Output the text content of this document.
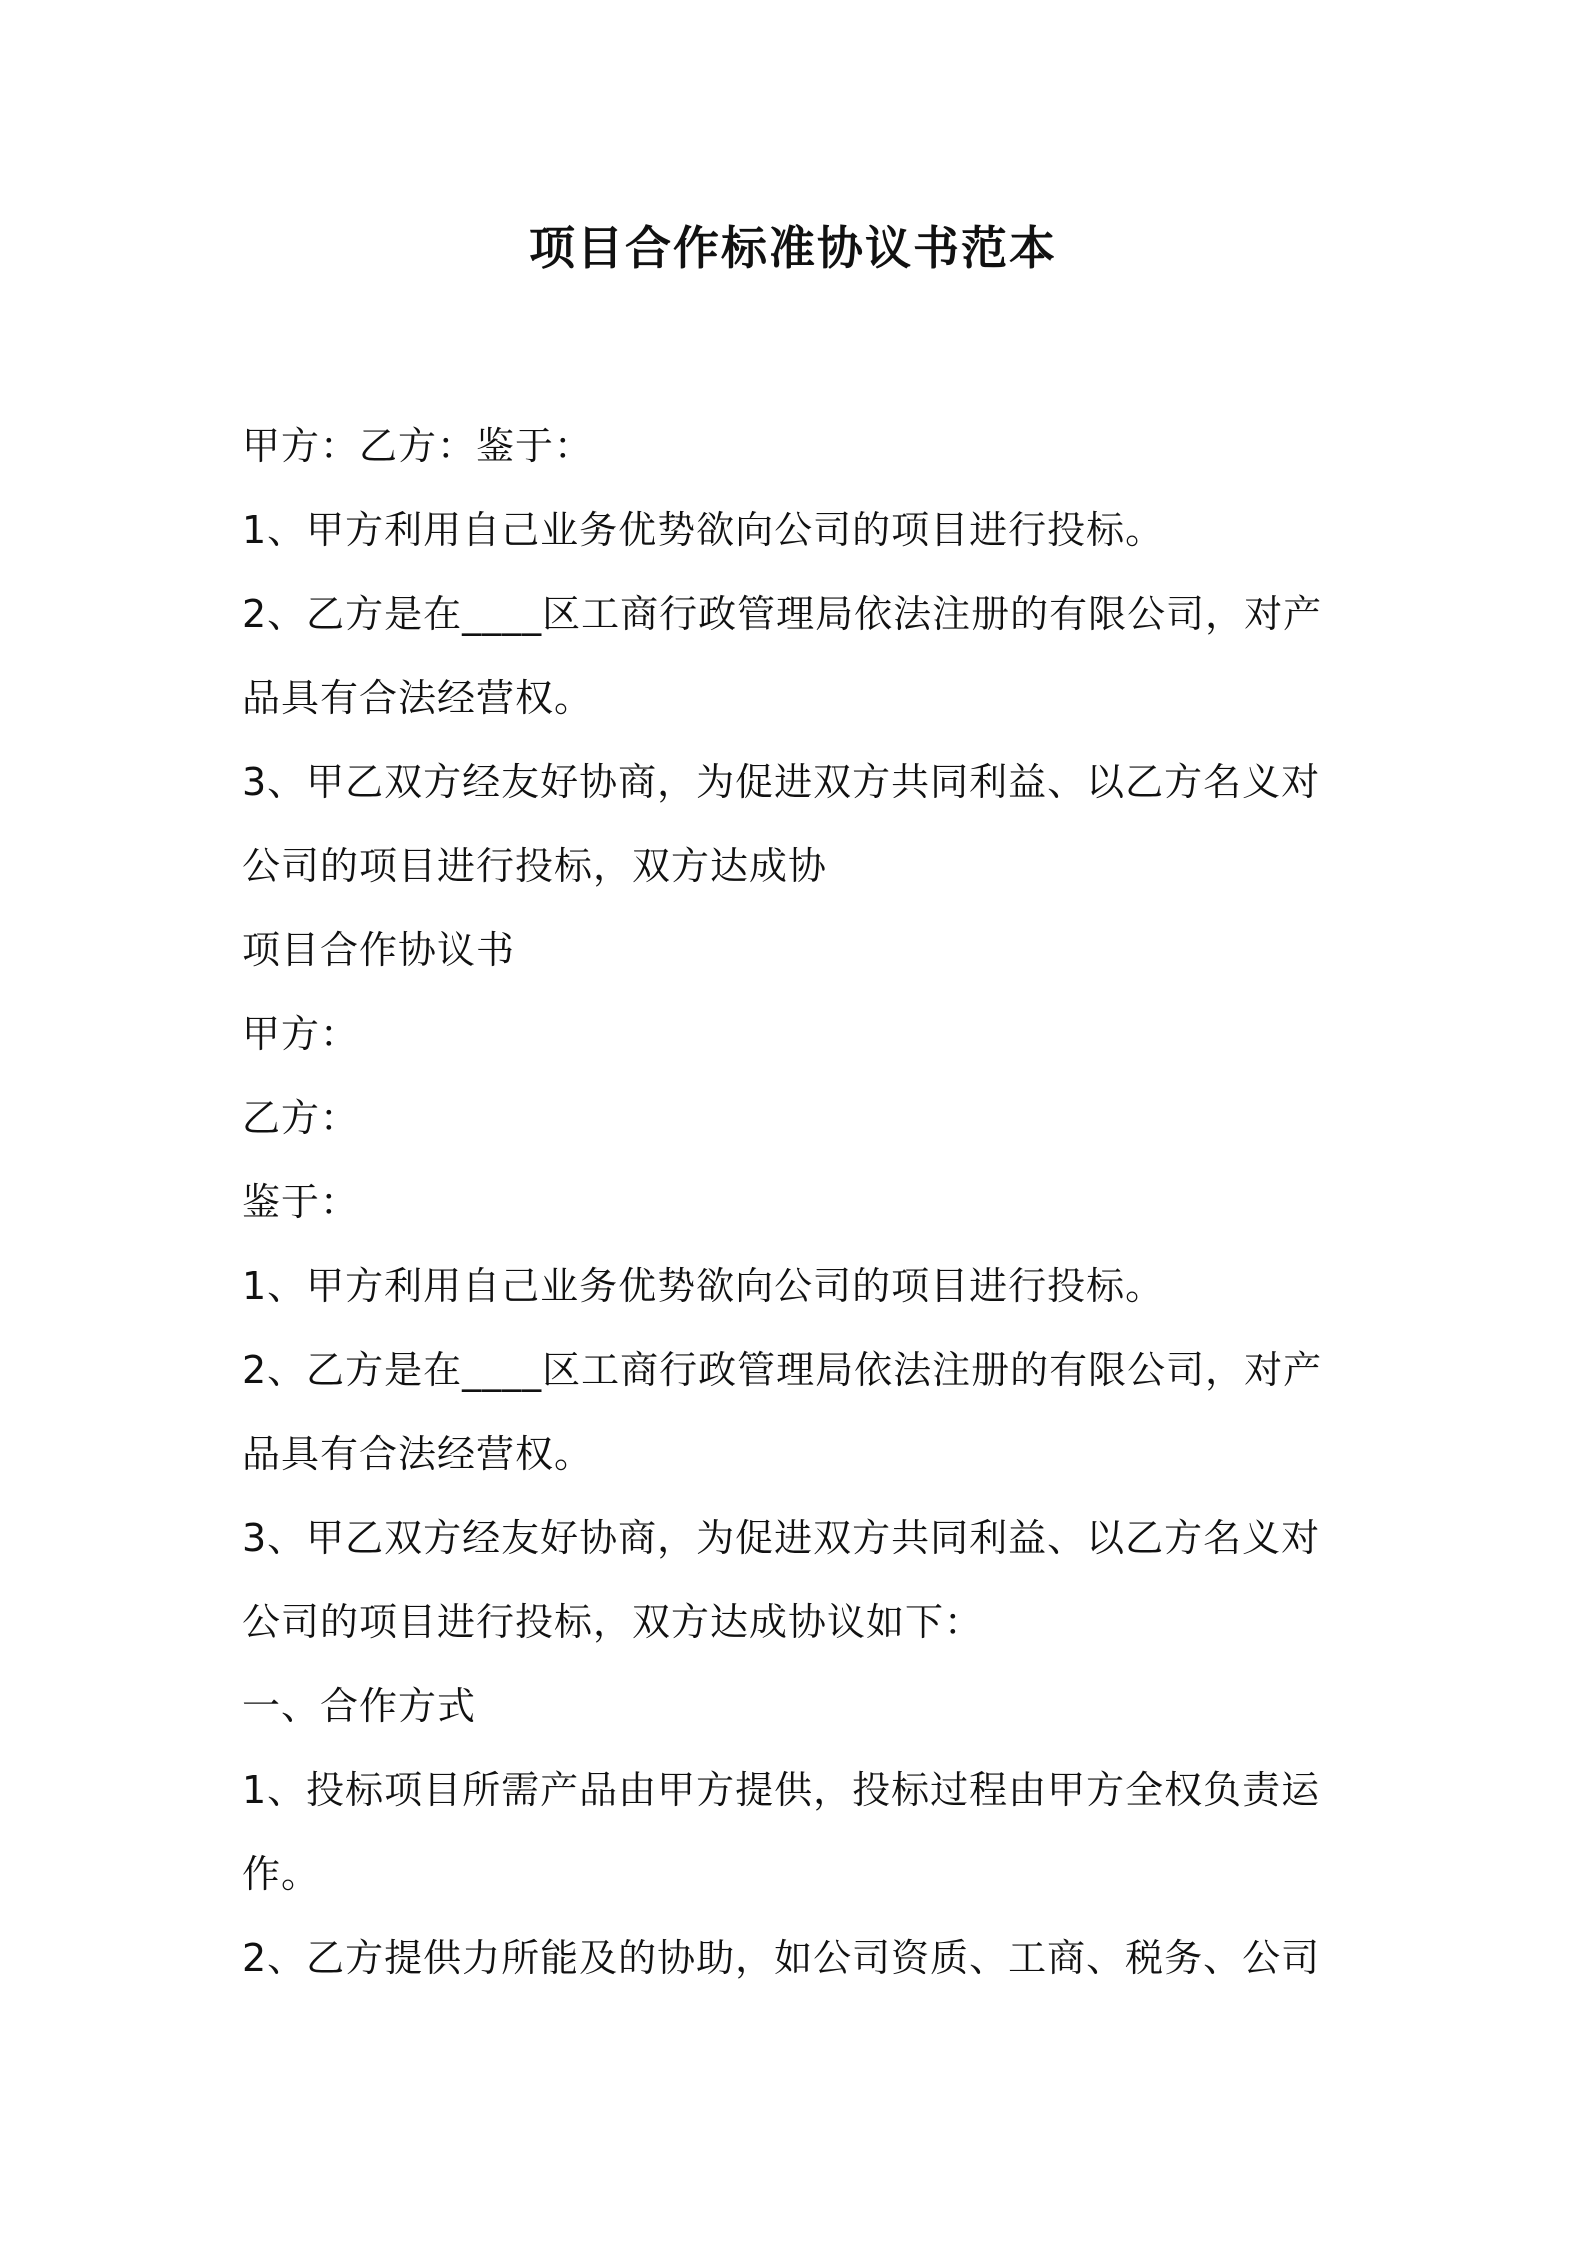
项目合作标准协议书范本

甲方：乙方：鉴于：

1、甲方利用自己业务优势欲向公司的项目进行投标。

2、乙方是在____区工商行政管理局依法注册的有限公司，对产

品具有合法经营权。

3、甲乙双方经友好协商，为促进双方共同利益、以乙方名义对

公司的项目进行投标，双方达成协

项目合作协议书

甲方：

乙方：

鉴于：

1、甲方利用自己业务优势欲向公司的项目进行投标。

2、乙方是在____区工商行政管理局依法注册的有限公司，对产

品具有合法经营权。

3、甲乙双方经友好协商，为促进双方共同利益、以乙方名义对

公司的项目进行投标，双方达成协议如下：

一、合作方式

1、投标项目所需产品由甲方提供，投标过程由甲方全权负责运

作。

2、乙方提供力所能及的协助，如公司资质、工商、税务、公司
